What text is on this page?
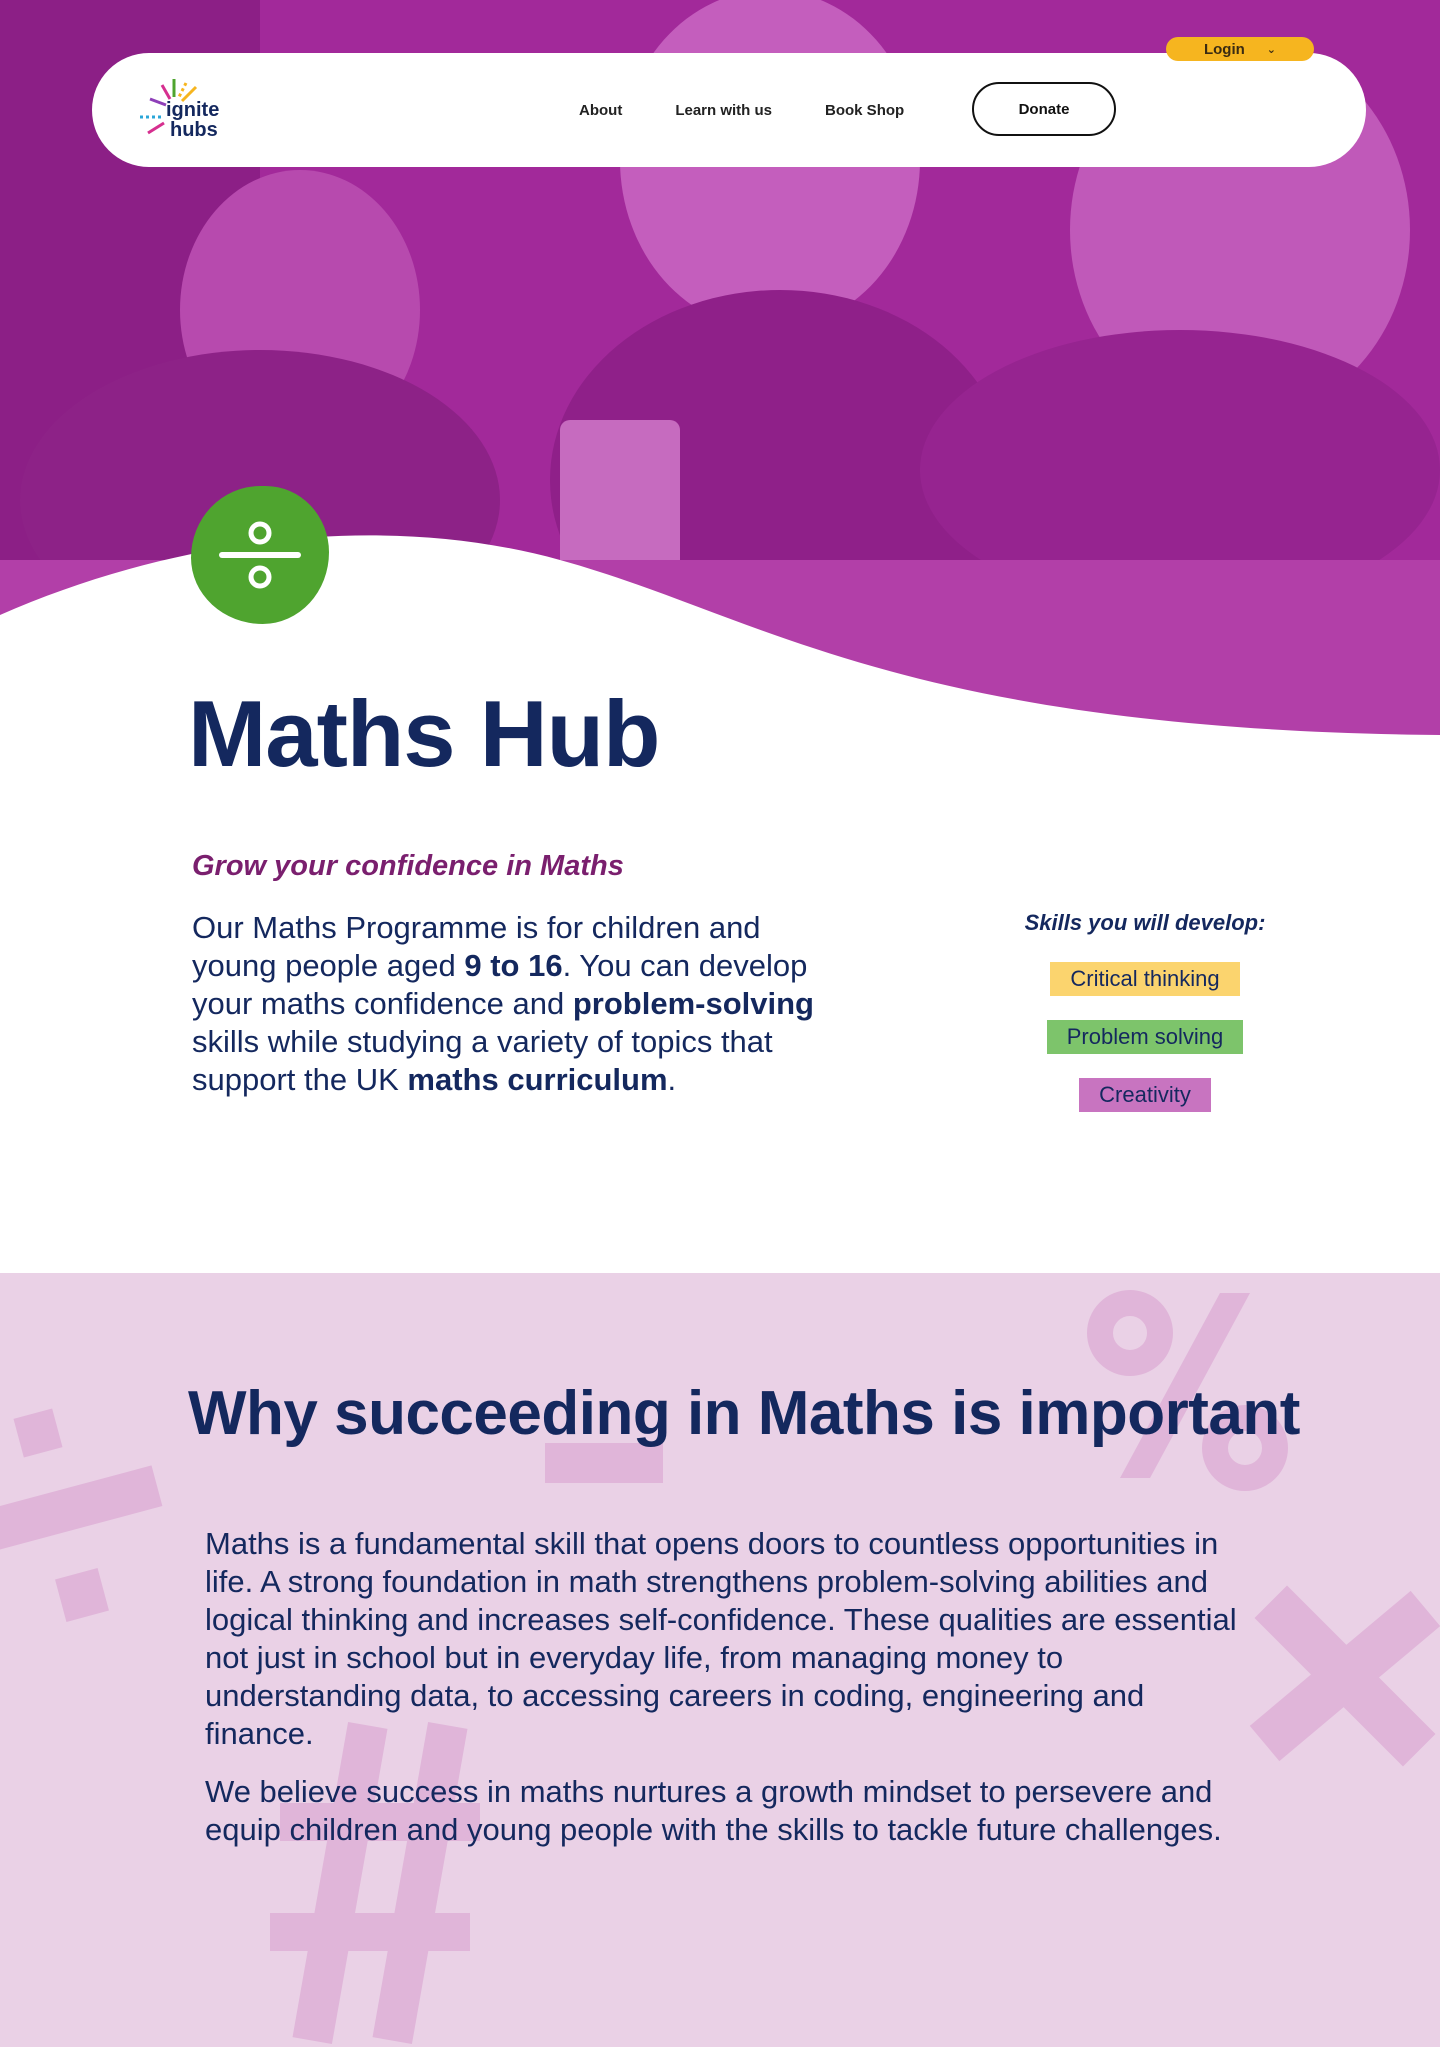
Login ⌄
ignite
hubs
About	Learn with us	Book Shop	Donate
Maths Hub
Grow your confidence in Maths

Our Maths Programme is for children and young people aged 9 to 16. You can develop your maths confidence and problem-solving skills while studying a variety of topics that support the UK maths curriculum.

Skills you will develop:
Critical thinking
Problem solving
Creativity
Why succeeding in Maths is important

Maths is a fundamental skill that opens doors to countless opportunities in life. A strong foundation in math strengthens problem-solving abilities and logical thinking and increases self-confidence. These qualities are essential not just in school but in everyday life, from managing money to understanding data, to accessing careers in coding, engineering and finance.

We believe success in maths nurtures a growth mindset to persevere and equip children and young people with the skills to tackle future challenges.
